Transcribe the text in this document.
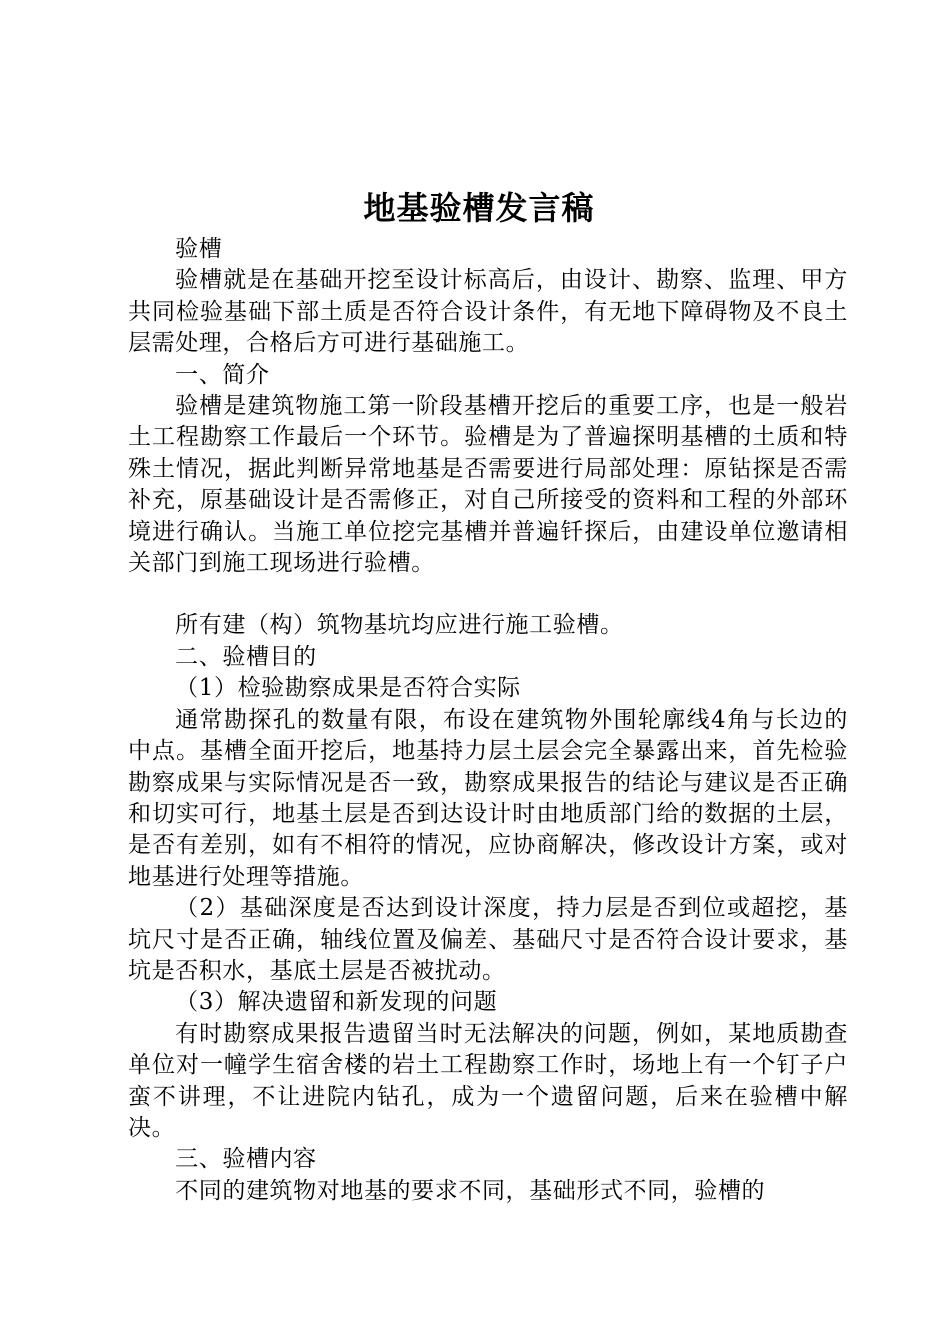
地基验槽发言稿

验槽

验槽就是在基础开挖至设计标高后，由设计、勘察、监理、甲方共同检验基础下部土质是否符合设计条件，有无地下障碍物及不良土层需处理，合格后方可进行基础施工。

一、简介

验槽是建筑物施工第一阶段基槽开挖后的重要工序，也是一般岩土工程勘察工作最后一个环节。验槽是为了普遍探明基槽的土质和特殊土情况，据此判断异常地基是否需要进行局部处理：原钻探是否需补充，原基础设计是否需修正，对自己所接受的资料和工程的外部环境进行确认。当施工单位挖完基槽并普遍钎探后，由建设单位邀请相关部门到施工现场进行验槽。

所有建（构）筑物基坑均应进行施工验槽。

二、验槽目的

（1）检验勘察成果是否符合实际

通常勘探孔的数量有限，布设在建筑物外围轮廓线4角与长边的中点。基槽全面开挖后，地基持力层土层会完全暴露出来，首先检验勘察成果与实际情况是否一致，勘察成果报告的结论与建议是否正确和切实可行，地基土层是否到达设计时由地质部门给的数据的土层，是否有差别，如有不相符的情况，应协商解决，修改设计方案，或对地基进行处理等措施。

（2）基础深度是否达到设计深度，持力层是否到位或超挖，基坑尺寸是否正确，轴线位置及偏差、基础尺寸是否符合设计要求，基坑是否积水，基底土层是否被扰动。

（3）解决遗留和新发现的问题

有时勘察成果报告遗留当时无法解决的问题，例如，某地质勘查单位对一幢学生宿舍楼的岩土工程勘察工作时，场地上有一个钉子户蛮不讲理，不让进院内钻孔，成为一个遗留问题，后来在验槽中解决。

三、验槽内容

不同的建筑物对地基的要求不同，基础形式不同，验槽的
